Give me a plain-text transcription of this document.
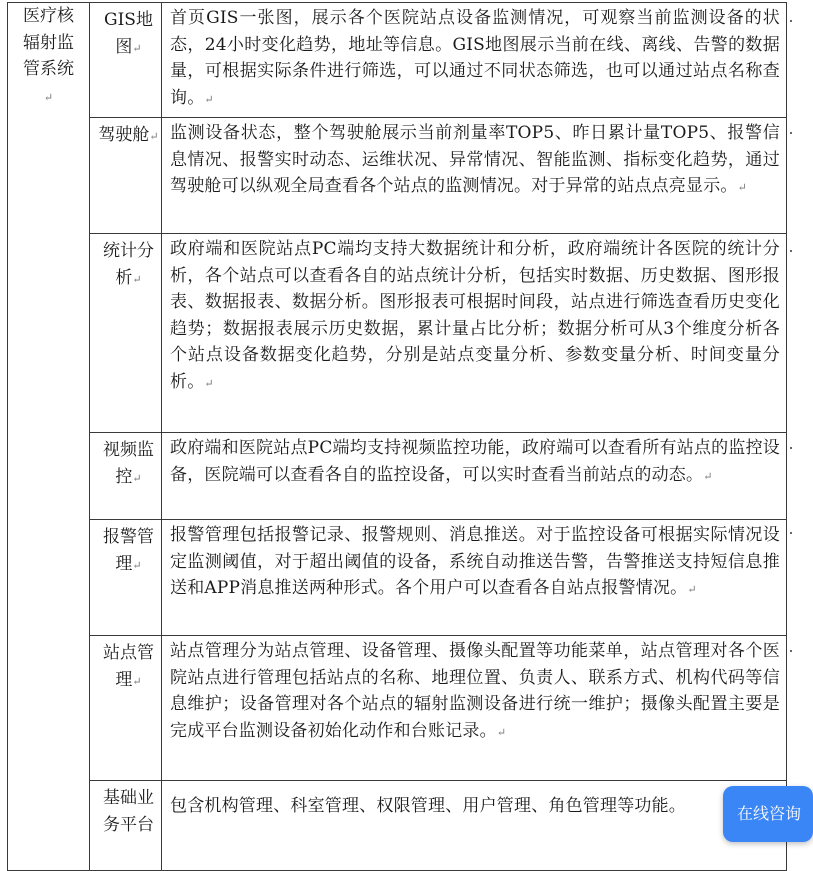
医疗核辐射监管系统
↵	GIS地图↵	首页GIS一张图，展示各个医院站点设备监测情况，可观察当前监测设备的状态，24小时变化趋势，地址等信息。GIS地图展示当前在线、离线、告警的数据量，可根据实际条件进行筛选，可以通过不同状态筛选，也可以通过站点名称查询。↵
	驾驶舱↵	监测设备状态，整个驾驶舱展示当前剂量率TOP5、昨日累计量TOP5、报警信息情况、报警实时动态、运维状况、异常情况、智能监测、指标变化趋势，通过驾驶舱可以纵观全局查看各个站点的监测情况。对于异常的站点点亮显示。↵
	统计分析↵	政府端和医院站点PC端均支持大数据统计和分析，政府端统计各医院的统计分析，各个站点可以查看各自的站点统计分析，包括实时数据、历史数据、图形报表、数据报表、数据分析。图形报表可根据时间段，站点进行筛选查看历史变化趋势；数据报表展示历史数据，累计量占比分析；数据分析可从3个维度分析各个站点设备数据变化趋势，分别是站点变量分析、参数变量分析、时间变量分析。↵
	视频监控↵	政府端和医院站点PC端均支持视频监控功能，政府端可以查看所有站点的监控设备，医院端可以查看各自的监控设备，可以实时查看当前站点的动态。↵
	报警管理↵	报警管理包括报警记录、报警规则、消息推送。对于监控设备可根据实际情况设定监测阈值，对于超出阈值的设备，系统自动推送告警，告警推送支持短信息推送和APP消息推送两种形式。各个用户可以查看各自站点报警情况。↵
	站点管理↵	站点管理分为站点管理、设备管理、摄像头配置等功能菜单，站点管理对各个医院站点进行管理包括站点的名称、地理位置、负责人、联系方式、机构代码等信息维护；设备管理对各个站点的辐射监测设备进行统一维护；摄像头配置主要是完成平台监测设备初始化动作和台账记录。↵
	基础业务平台	包含机构管理、科室管理、权限管理、用户管理、角色管理等功能。	在线咨询
